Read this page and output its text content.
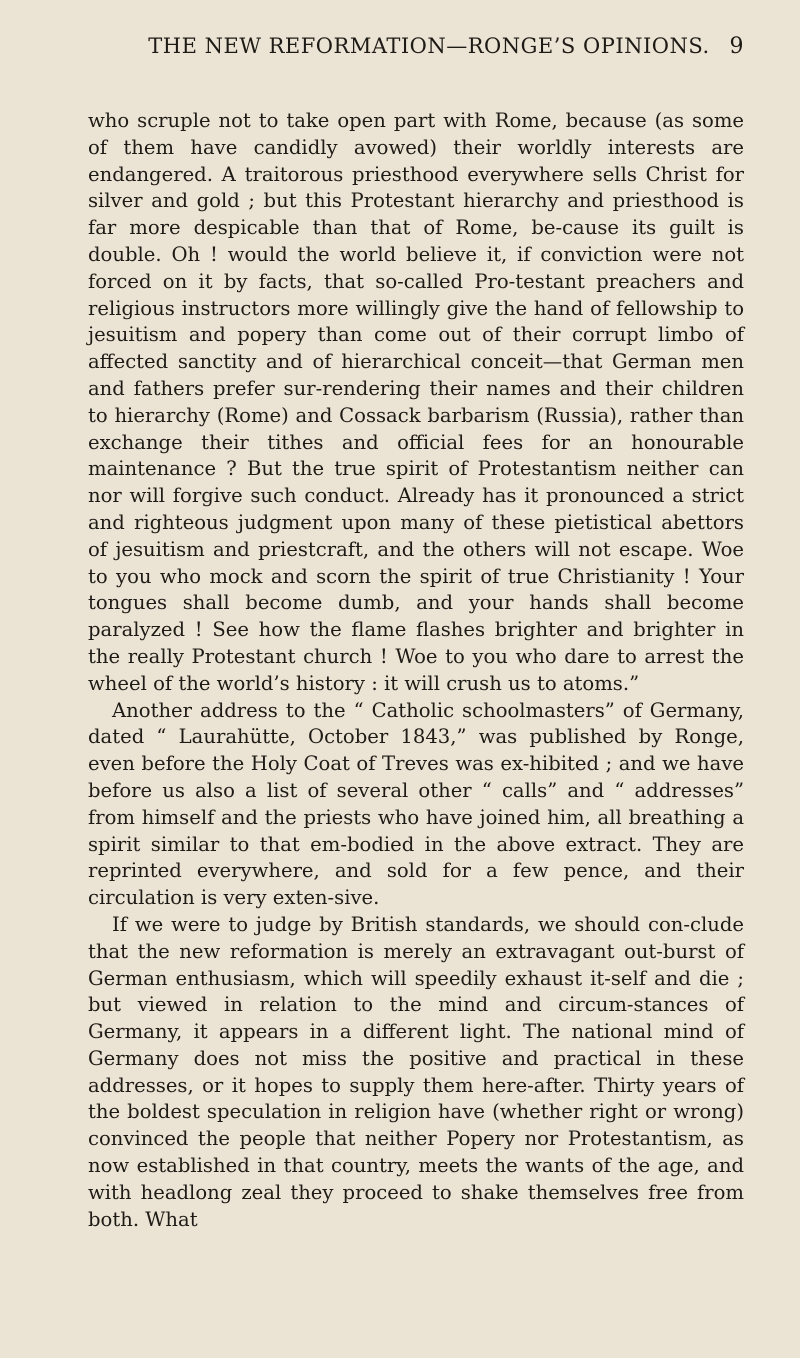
THE NEW REFORMATION—RONGE’S OPINIONS. 9

who scruple not to take open part with Rome, because (as some of them have candidly avowed) their worldly interests are endangered. A traitorous priesthood everywhere sells Christ for silver and gold ; but this Protestant hierarchy and priesthood is far more despicable than that of Rome, be-cause its guilt is double. Oh ! would the world believe it, if conviction were not forced on it by facts, that so-called Pro-testant preachers and religious instructors more willingly give the hand of fellowship to jesuitism and popery than come out of their corrupt limbo of affected sanctity and of hierarchical conceit—that German men and fathers prefer sur-rendering their names and their children to hierarchy (Rome) and Cossack barbarism (Russia), rather than exchange their tithes and official fees for an honourable maintenance ? But the true spirit of Protestantism neither can nor will forgive such conduct. Already has it pronounced a strict and righteous judgment upon many of these pietistical abettors of jesuitism and priestcraft, and the others will not escape. Woe to you who mock and scorn the spirit of true Christianity ! Your tongues shall become dumb, and your hands shall become paralyzed ! See how the flame flashes brighter and brighter in the really Protestant church ! Woe to you who dare to arrest the wheel of the world’s history : it will crush us to atoms.”

Another address to the “ Catholic schoolmasters” of Germany, dated “ Laurahütte, October 1843,” was published by Ronge, even before the Holy Coat of Treves was ex-hibited ; and we have before us also a list of several other “ calls” and “ addresses” from himself and the priests who have joined him, all breathing a spirit similar to that em-bodied in the above extract. They are reprinted everywhere, and sold for a few pence, and their circulation is very exten-sive.

If we were to judge by British standards, we should con-clude that the new reformation is merely an extravagant out-burst of German enthusiasm, which will speedily exhaust it-self and die ; but viewed in relation to the mind and circum-stances of Germany, it appears in a different light. The national mind of Germany does not miss the positive and practical in these addresses, or it hopes to supply them here-after. Thirty years of the boldest speculation in religion have (whether right or wrong) convinced the people that neither Popery nor Protestantism, as now established in that country, meets the wants of the age, and with headlong zeal they proceed to shake themselves free from both. What
